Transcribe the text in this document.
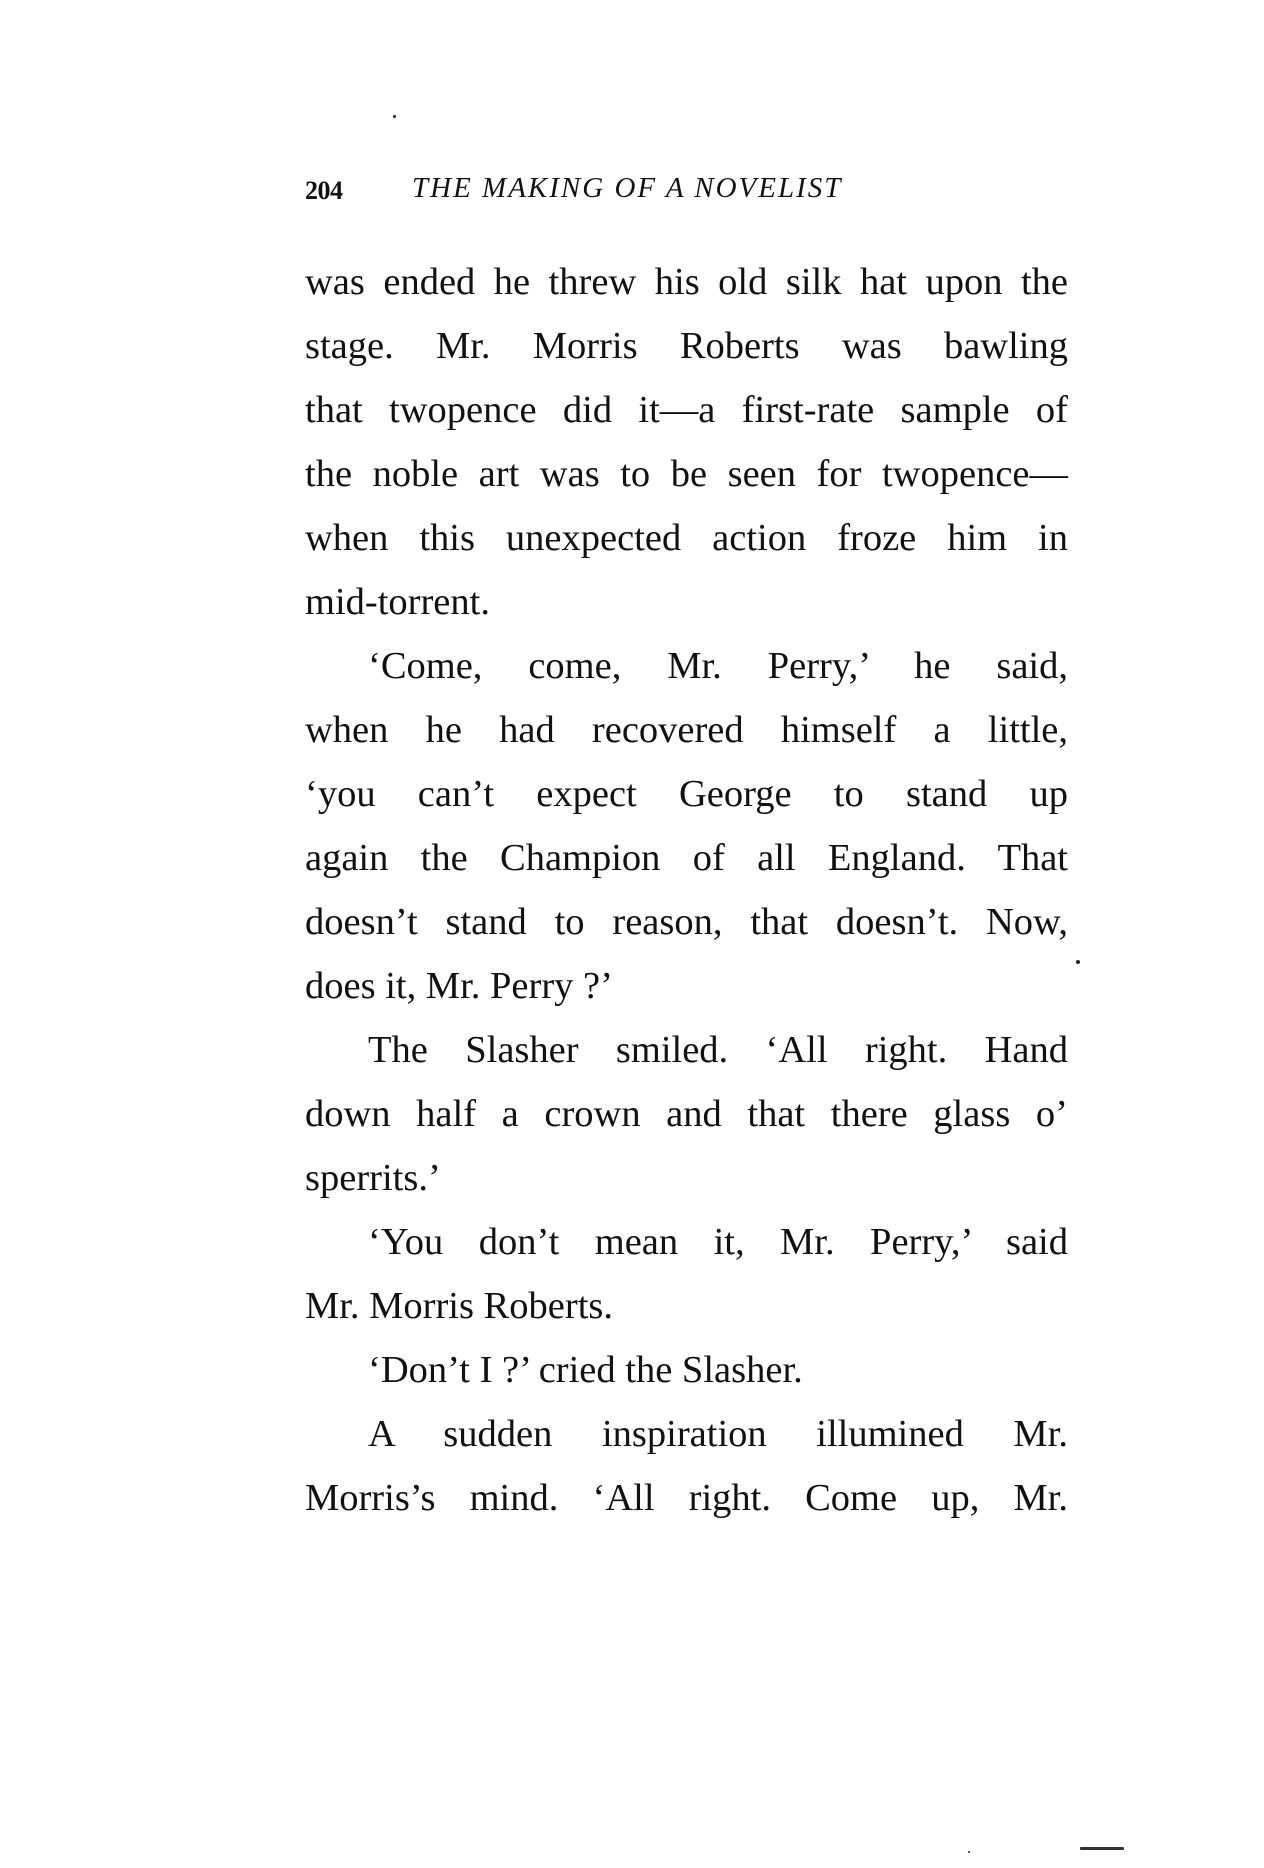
204 THE MAKING OF A NOVELIST
was ended he threw his old silk hat upon the
stage. Mr. Morris Roberts was bawling
that twopence did it—a first-rate sample of
the noble art was to be seen for twopence—
when this unexpected action froze him in
mid-torrent.
‘Come, come, Mr. Perry,’ he said,
when he had recovered himself a little,
‘you can’t expect George to stand up
again the Champion of all England. That
doesn’t stand to reason, that doesn’t. Now,
does it, Mr. Perry ?’
The Slasher smiled. ‘All right. Hand
down half a crown and that there glass o’
sperrits.’
‘You don’t mean it, Mr. Perry,’ said
Mr. Morris Roberts.
‘Don’t I ?’ cried the Slasher.
A sudden inspiration illumined Mr.
Morris’s mind. ‘All right. Come up, Mr.
